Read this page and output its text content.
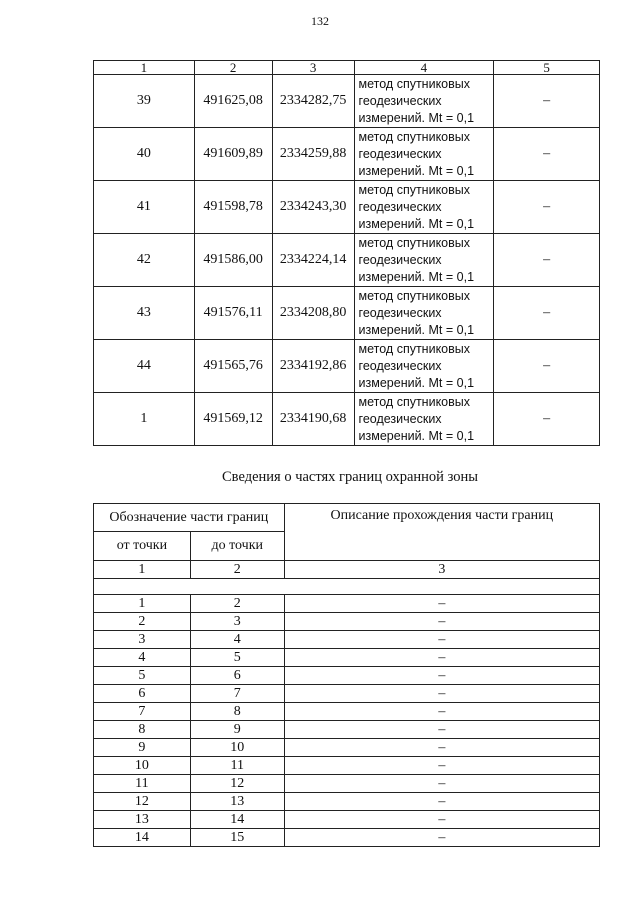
132
1	2	3	4	5
39	491625,08	2334282,75	метод спутниковых
геодезических
измерений. Mt = 0,1	–
40	491609,89	2334259,88	метод спутниковых
геодезических
измерений. Mt = 0,1	–
41	491598,78	2334243,30	метод спутниковых
геодезических
измерений. Mt = 0,1	–
42	491586,00	2334224,14	метод спутниковых
геодезических
измерений. Mt = 0,1	–
43	491576,11	2334208,80	метод спутниковых
геодезических
измерений. Mt = 0,1	–
44	491565,76	2334192,86	метод спутниковых
геодезических
измерений. Mt = 0,1	–
1	491569,12	2334190,68	метод спутниковых
геодезических
измерений. Mt = 0,1	–
Сведения о частях границ охранной зоны
Обозначение части границ		Описание прохождения части границ
от точки	до точки	
1	2	3

1	2	–
2	3	–
3	4	–
4	5	–
5	6	–
6	7	–
7	8	–
8	9	–
9	10	–
10	11	–
11	12	–
12	13	–
13	14	–
14	15	–
